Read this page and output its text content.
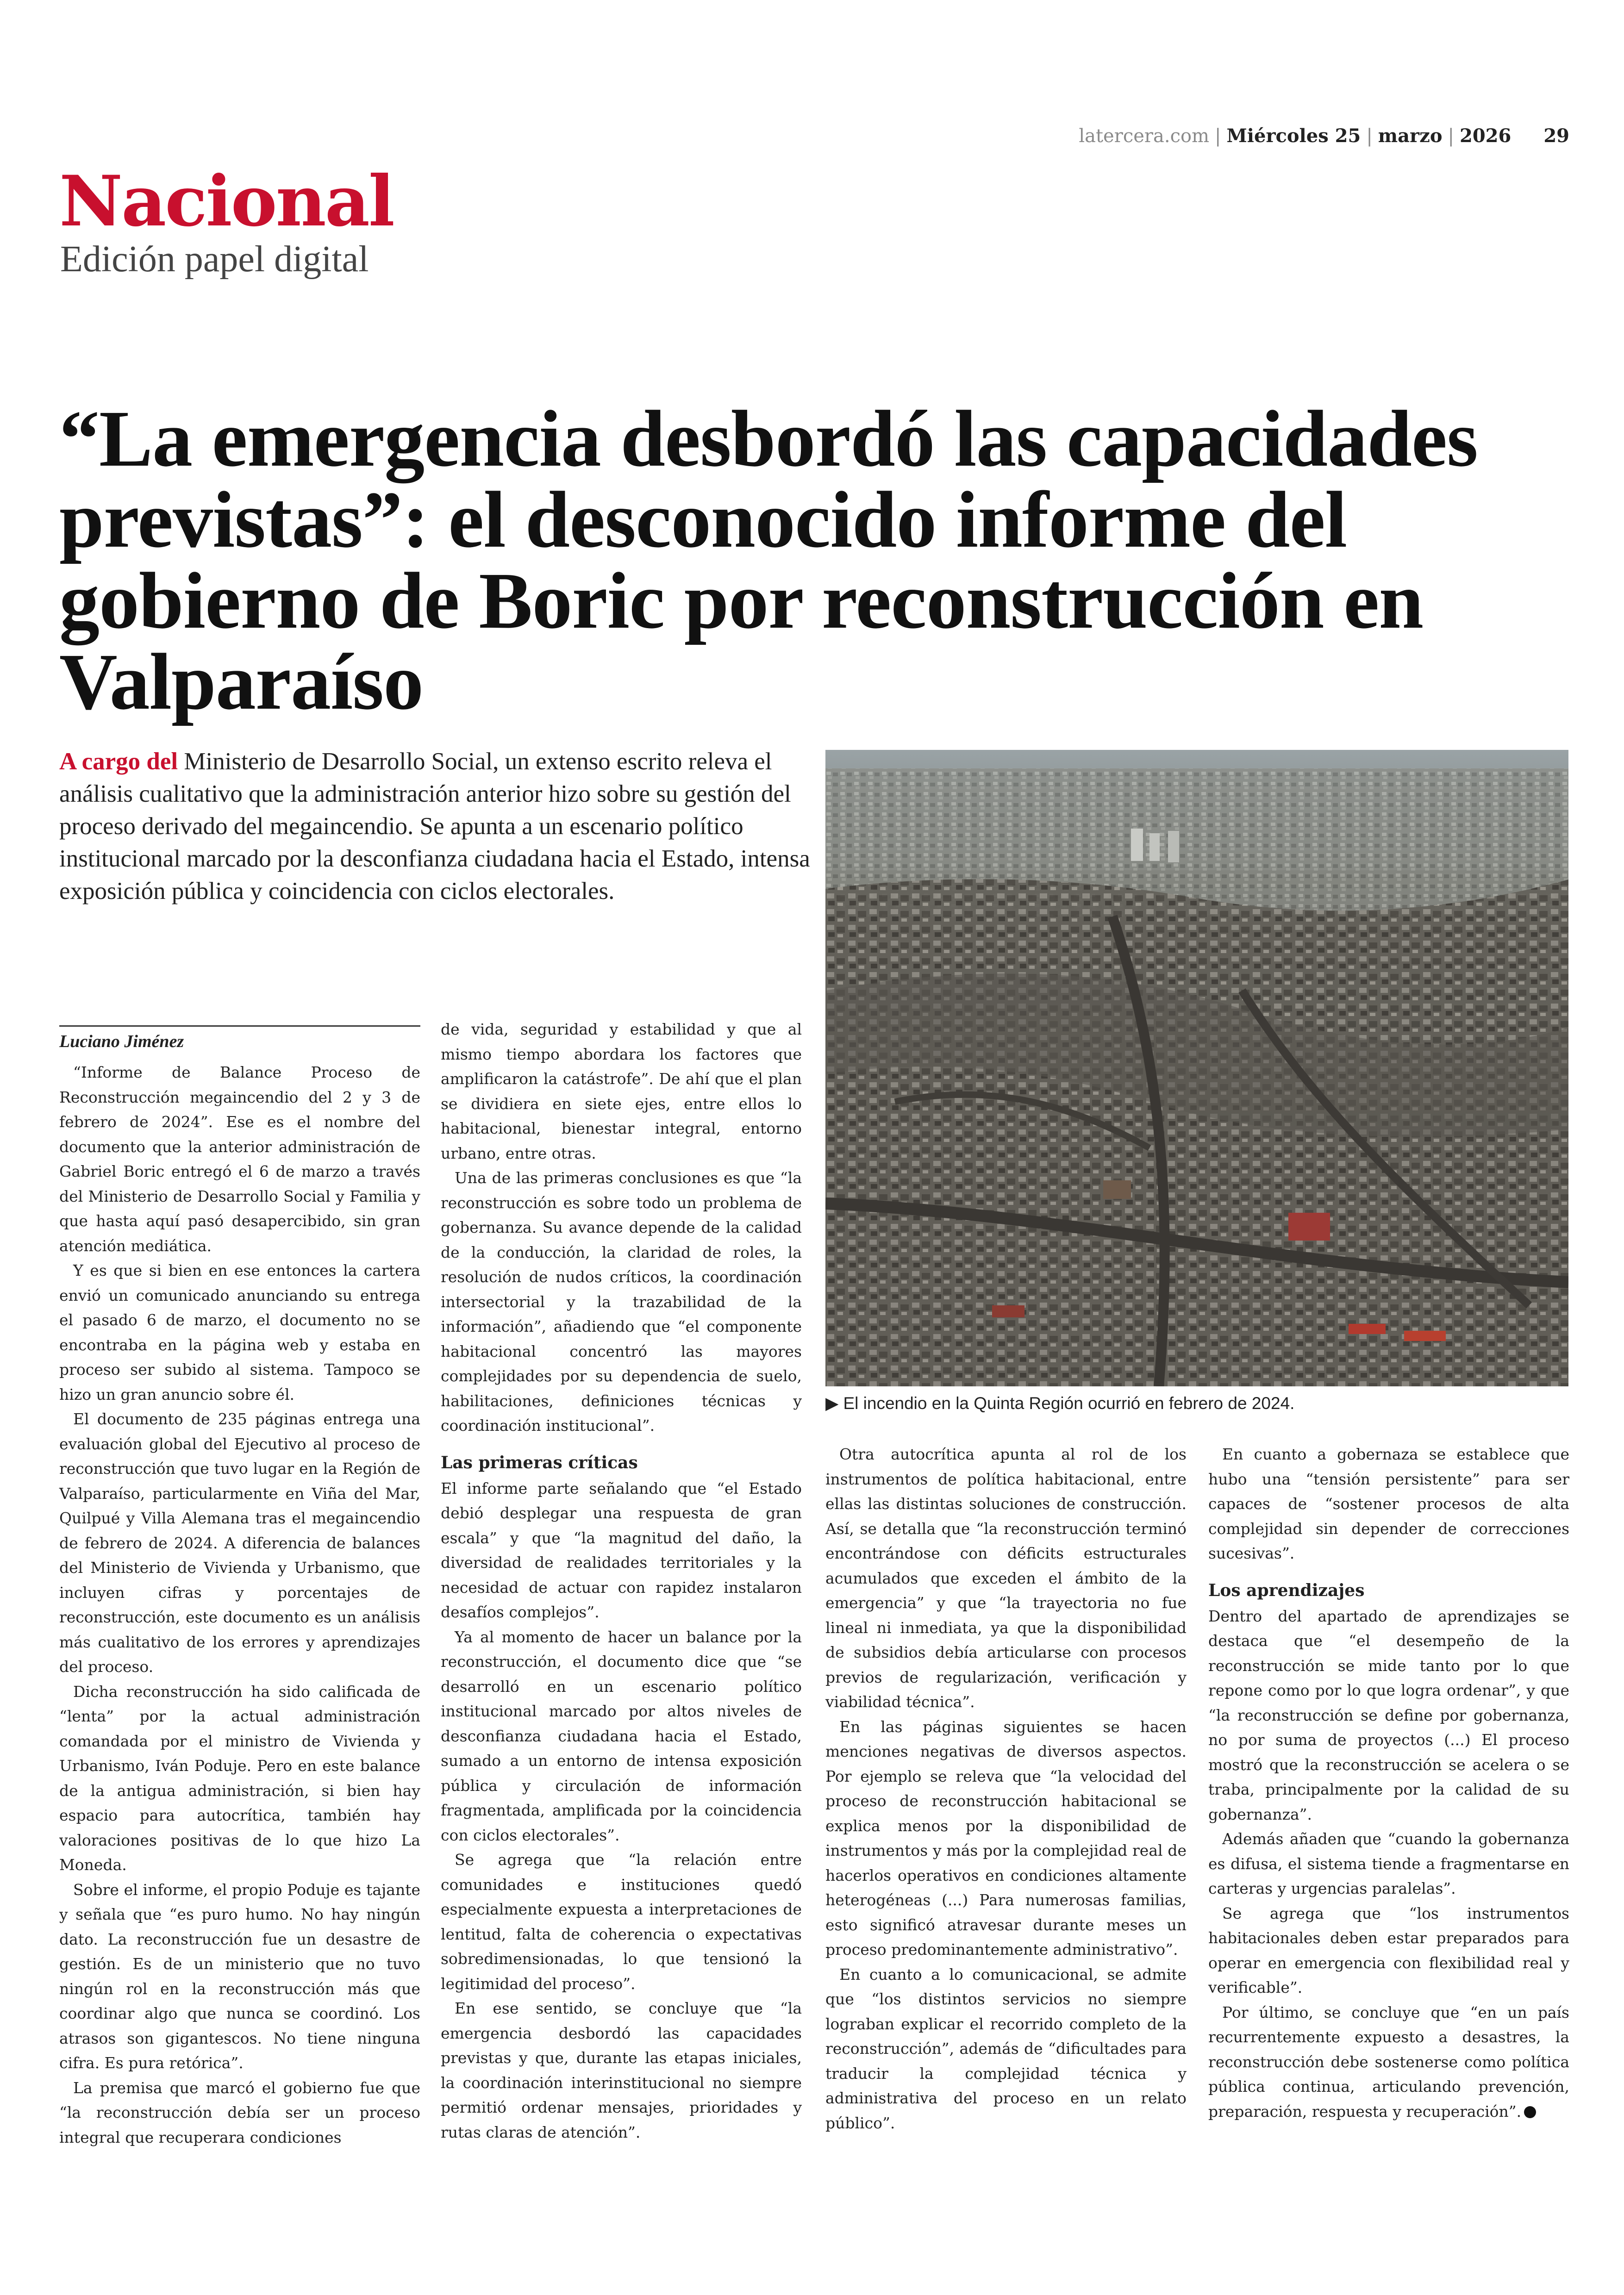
latercera.com | Miércoles 25 | marzo | 2026 29
Nacional
Edición papel digital
“La emergencia desbordó las capacidades previstas”: el desconocido informe del gobierno de Boric por reconstrucción en Valparaíso
A cargo del Ministerio de Desarrollo Social, un extenso escrito releva el análisis cualitativo que la administración anterior hizo sobre su gestión del proceso derivado del megaincendio. Se apunta a un escenario político institucional marcado por la desconfianza ciudadana hacia el Estado, intensa exposición pública y coincidencia con ciclos electorales.
▶ El incendio en la Quinta Región ocurrió en febrero de 2024.
Luciano Jiménez

“Informe de Balance Proceso de Reconstrucción megaincendio del 2 y 3 de febrero de 2024”. Ese es el nombre del documento que la anterior administración de Gabriel Boric entregó el 6 de marzo a través del Ministerio de Desarrollo Social y Familia y que hasta aquí pasó desapercibido, sin gran atención mediática.

Y es que si bien en ese entonces la cartera envió un comunicado anunciando su entrega el pasado 6 de marzo, el documento no se encontraba en la página web y estaba en proceso ser subido al sistema. Tampoco se hizo un gran anuncio sobre él.

El documento de 235 páginas entrega una evaluación global del Ejecutivo al proceso de reconstrucción que tuvo lugar en la Región de Valparaíso, particularmente en Viña del Mar, Quilpué y Villa Alemana tras el megaincendio de febrero de 2024. A diferencia de balances del Ministerio de Vivienda y Urbanismo, que incluyen cifras y porcentajes de reconstrucción, este documento es un análisis más cualitativo de los errores y aprendizajes del proceso.

Dicha reconstrucción ha sido calificada de “lenta” por la actual administración comandada por el ministro de Vivienda y Urbanismo, Iván Poduje. Pero en este balance de la antigua administración, si bien hay espacio para autocrítica, también hay valoraciones positivas de lo que hizo La Moneda.

Sobre el informe, el propio Poduje es tajante y señala que “es puro humo. No hay ningún dato. La reconstrucción fue un desastre de gestión. Es de un ministerio que no tuvo ningún rol en la reconstrucción más que coordinar algo que nunca se coordinó. Los atrasos son gigantescos. No tiene ninguna cifra. Es pura retórica”.

La premisa que marcó el gobierno fue que “la reconstrucción debía ser un proceso integral que recuperara condiciones

de vida, seguridad y estabilidad y que al mismo tiempo abordara los factores que amplificaron la catástrofe”. De ahí que el plan se dividiera en siete ejes, entre ellos lo habitacional, bienestar integral, entorno urbano, entre otras.

Una de las primeras conclusiones es que “la reconstrucción es sobre todo un problema de gobernanza. Su avance depende de la calidad de la conducción, la claridad de roles, la resolución de nudos críticos, la coordinación intersectorial y la trazabilidad de la información”, añadiendo que “el componente habitacional concentró las mayores complejidades por su dependencia de suelo, habilitaciones, definiciones técnicas y coordinación institucional”.

Las primeras críticas

El informe parte señalando que “el Estado debió desplegar una respuesta de gran escala” y que “la magnitud del daño, la diversidad de realidades territoriales y la necesidad de actuar con rapidez instalaron desafíos complejos”.

Ya al momento de hacer un balance por la reconstrucción, el documento dice que “se desarrolló en un escenario político institucional marcado por altos niveles de desconfianza ciudadana hacia el Estado, sumado a un entorno de intensa exposición pública y circulación de información fragmentada, amplificada por la coincidencia con ciclos electorales”.

Se agrega que “la relación entre comunidades e instituciones quedó especialmente expuesta a interpretaciones de lentitud, falta de coherencia o expectativas sobredimensionadas, lo que tensionó la legitimidad del proceso”.

En ese sentido, se concluye que “la emergencia desbordó las capacidades previstas y que, durante las etapas iniciales, la coordinación interinstitucional no siempre permitió ordenar mensajes, prioridades y rutas claras de atención”.

Otra autocrítica apunta al rol de los instrumentos de política habitacional, entre ellas las distintas soluciones de construcción. Así, se detalla que “la reconstrucción terminó encontrándose con déficits estructurales acumulados que exceden el ámbito de la emergencia” y que “la trayectoria no fue lineal ni inmediata, ya que la disponibilidad de subsidios debía articularse con procesos previos de regularización, verificación y viabilidad técnica”.

En las páginas siguientes se hacen menciones negativas de diversos aspectos. Por ejemplo se releva que “la velocidad del proceso de reconstrucción habitacional se explica menos por la disponibilidad de instrumentos y más por la complejidad real de hacerlos operativos en condiciones altamente heterogéneas (...) Para numerosas familias, esto significó atravesar durante meses un proceso predominantemente administrativo”.

En cuanto a lo comunicacional, se admite que “los distintos servicios no siempre lograban explicar el recorrido completo de la reconstrucción”, además de “dificultades para traducir la complejidad técnica y administrativa del proceso en un relato público”.

En cuanto a gobernaza se establece que hubo una “tensión persistente” para ser capaces de “sostener procesos de alta complejidad sin depender de correcciones sucesivas”.

Los aprendizajes

Dentro del apartado de aprendizajes se destaca que “el desempeño de la reconstrucción se mide tanto por lo que repone como por lo que logra ordenar”, y que “la reconstrucción se define por gobernanza, no por suma de proyectos (...) El proceso mostró que la reconstrucción se acelera o se traba, principalmente por la calidad de su gobernanza”.

Además añaden que “cuando la gobernanza es difusa, el sistema tiende a fragmentarse en carteras y urgencias paralelas”.

Se agrega que “los instrumentos habitacionales deben estar preparados para operar en emergencia con flexibilidad real y verificable”.

Por último, se concluye que “en un país recurrentemente expuesto a desastres, la reconstrucción debe sostenerse como política pública continua, articulando prevención, preparación, respuesta y recuperación”.
